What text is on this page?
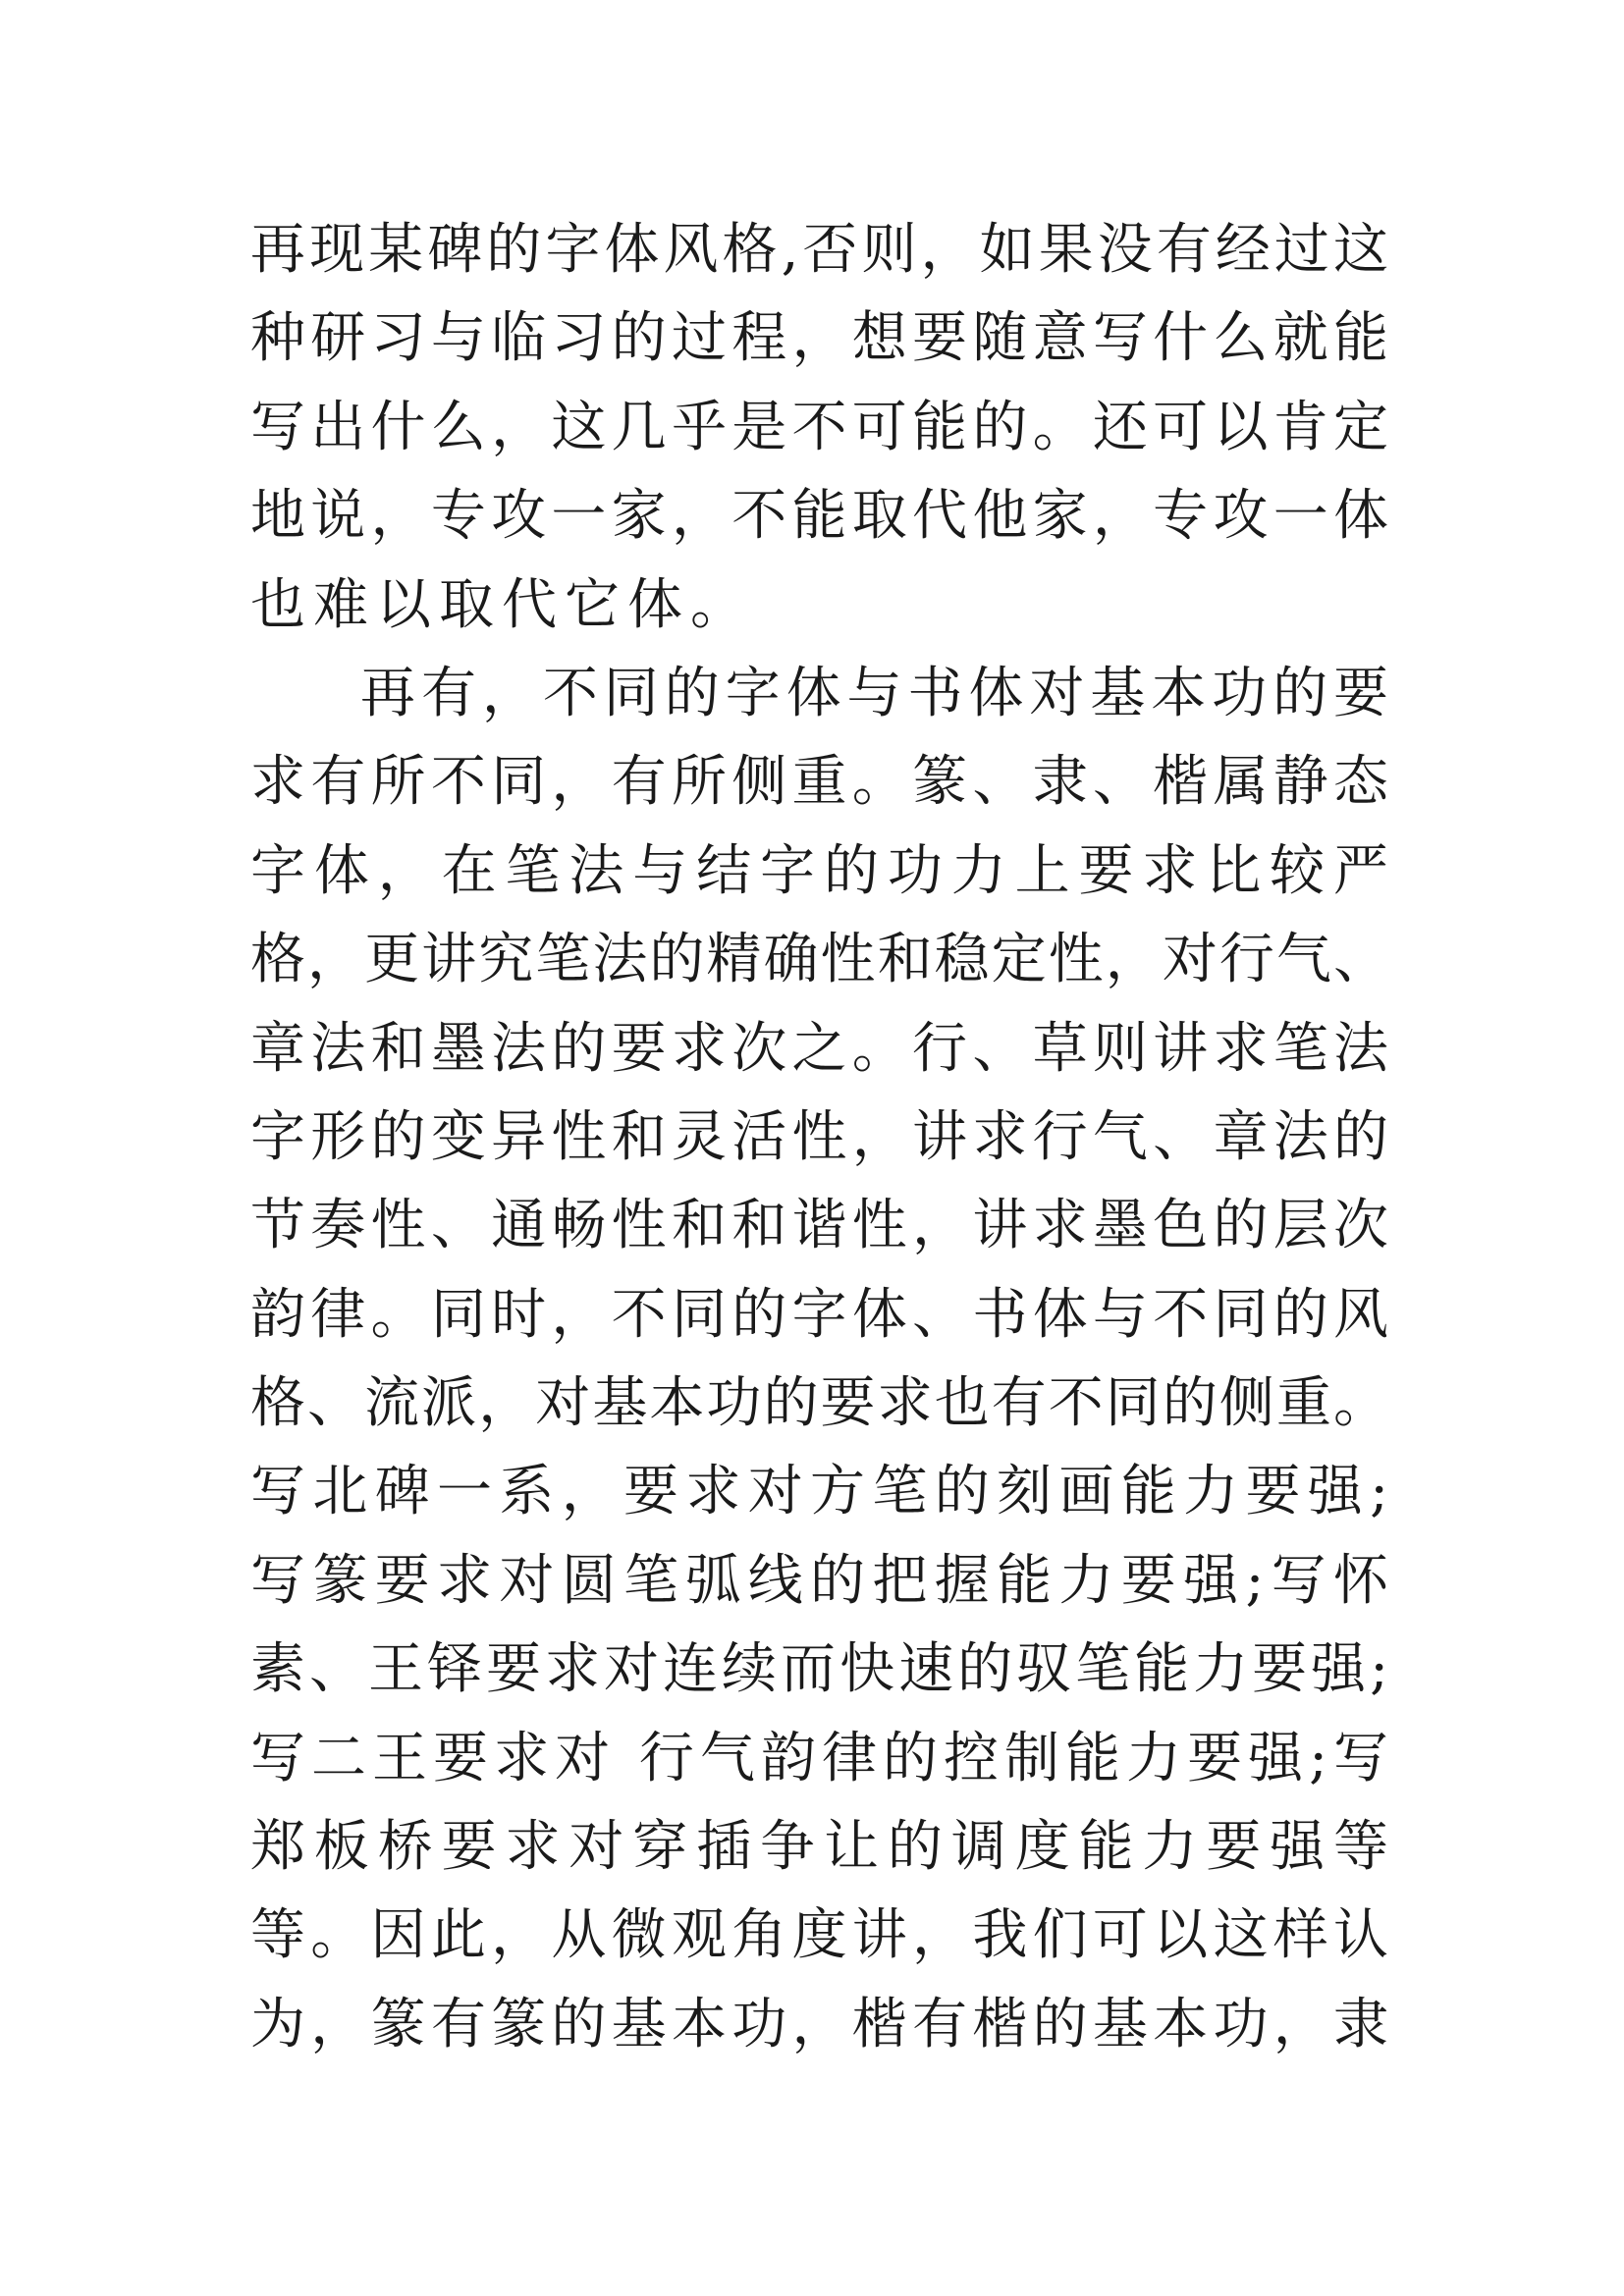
再现某碑的字体风格,否则，如果没有经过这
种研习与临习的过程，想要随意写什么就能
写出什么，这几乎是不可能的。还可以肯定
地说，专攻一家，不能取代他家，专攻一体
也难以取代它体。
再有，不同的字体与书体对基本功的要
求有所不同，有所侧重。篆、隶、楷属静态
字体，在笔法与结字的功力上要求比较严
格，更讲究笔法的精确性和稳定性，对行气、
章法和墨法的要求次之。行、草则讲求笔法
字形的变异性和灵活性，讲求行气、章法的
节奏性、通畅性和和谐性，讲求墨色的层次
韵律。同时，不同的字体、书体与不同的风
格、流派，对基本功的要求也有不同的侧重。
写北碑一系，要求对方笔的刻画能力要强;
写篆要求对圆笔弧线的把握能力要强;写怀
素、王铎要求对连续而快速的驭笔能力要强;
写二王要求对 行气韵律的控制能力要强;写
郑板桥要求对穿插争让的调度能力要强等
等。因此，从微观角度讲，我们可以这样认
为，篆有篆的基本功，楷有楷的基本功，隶
